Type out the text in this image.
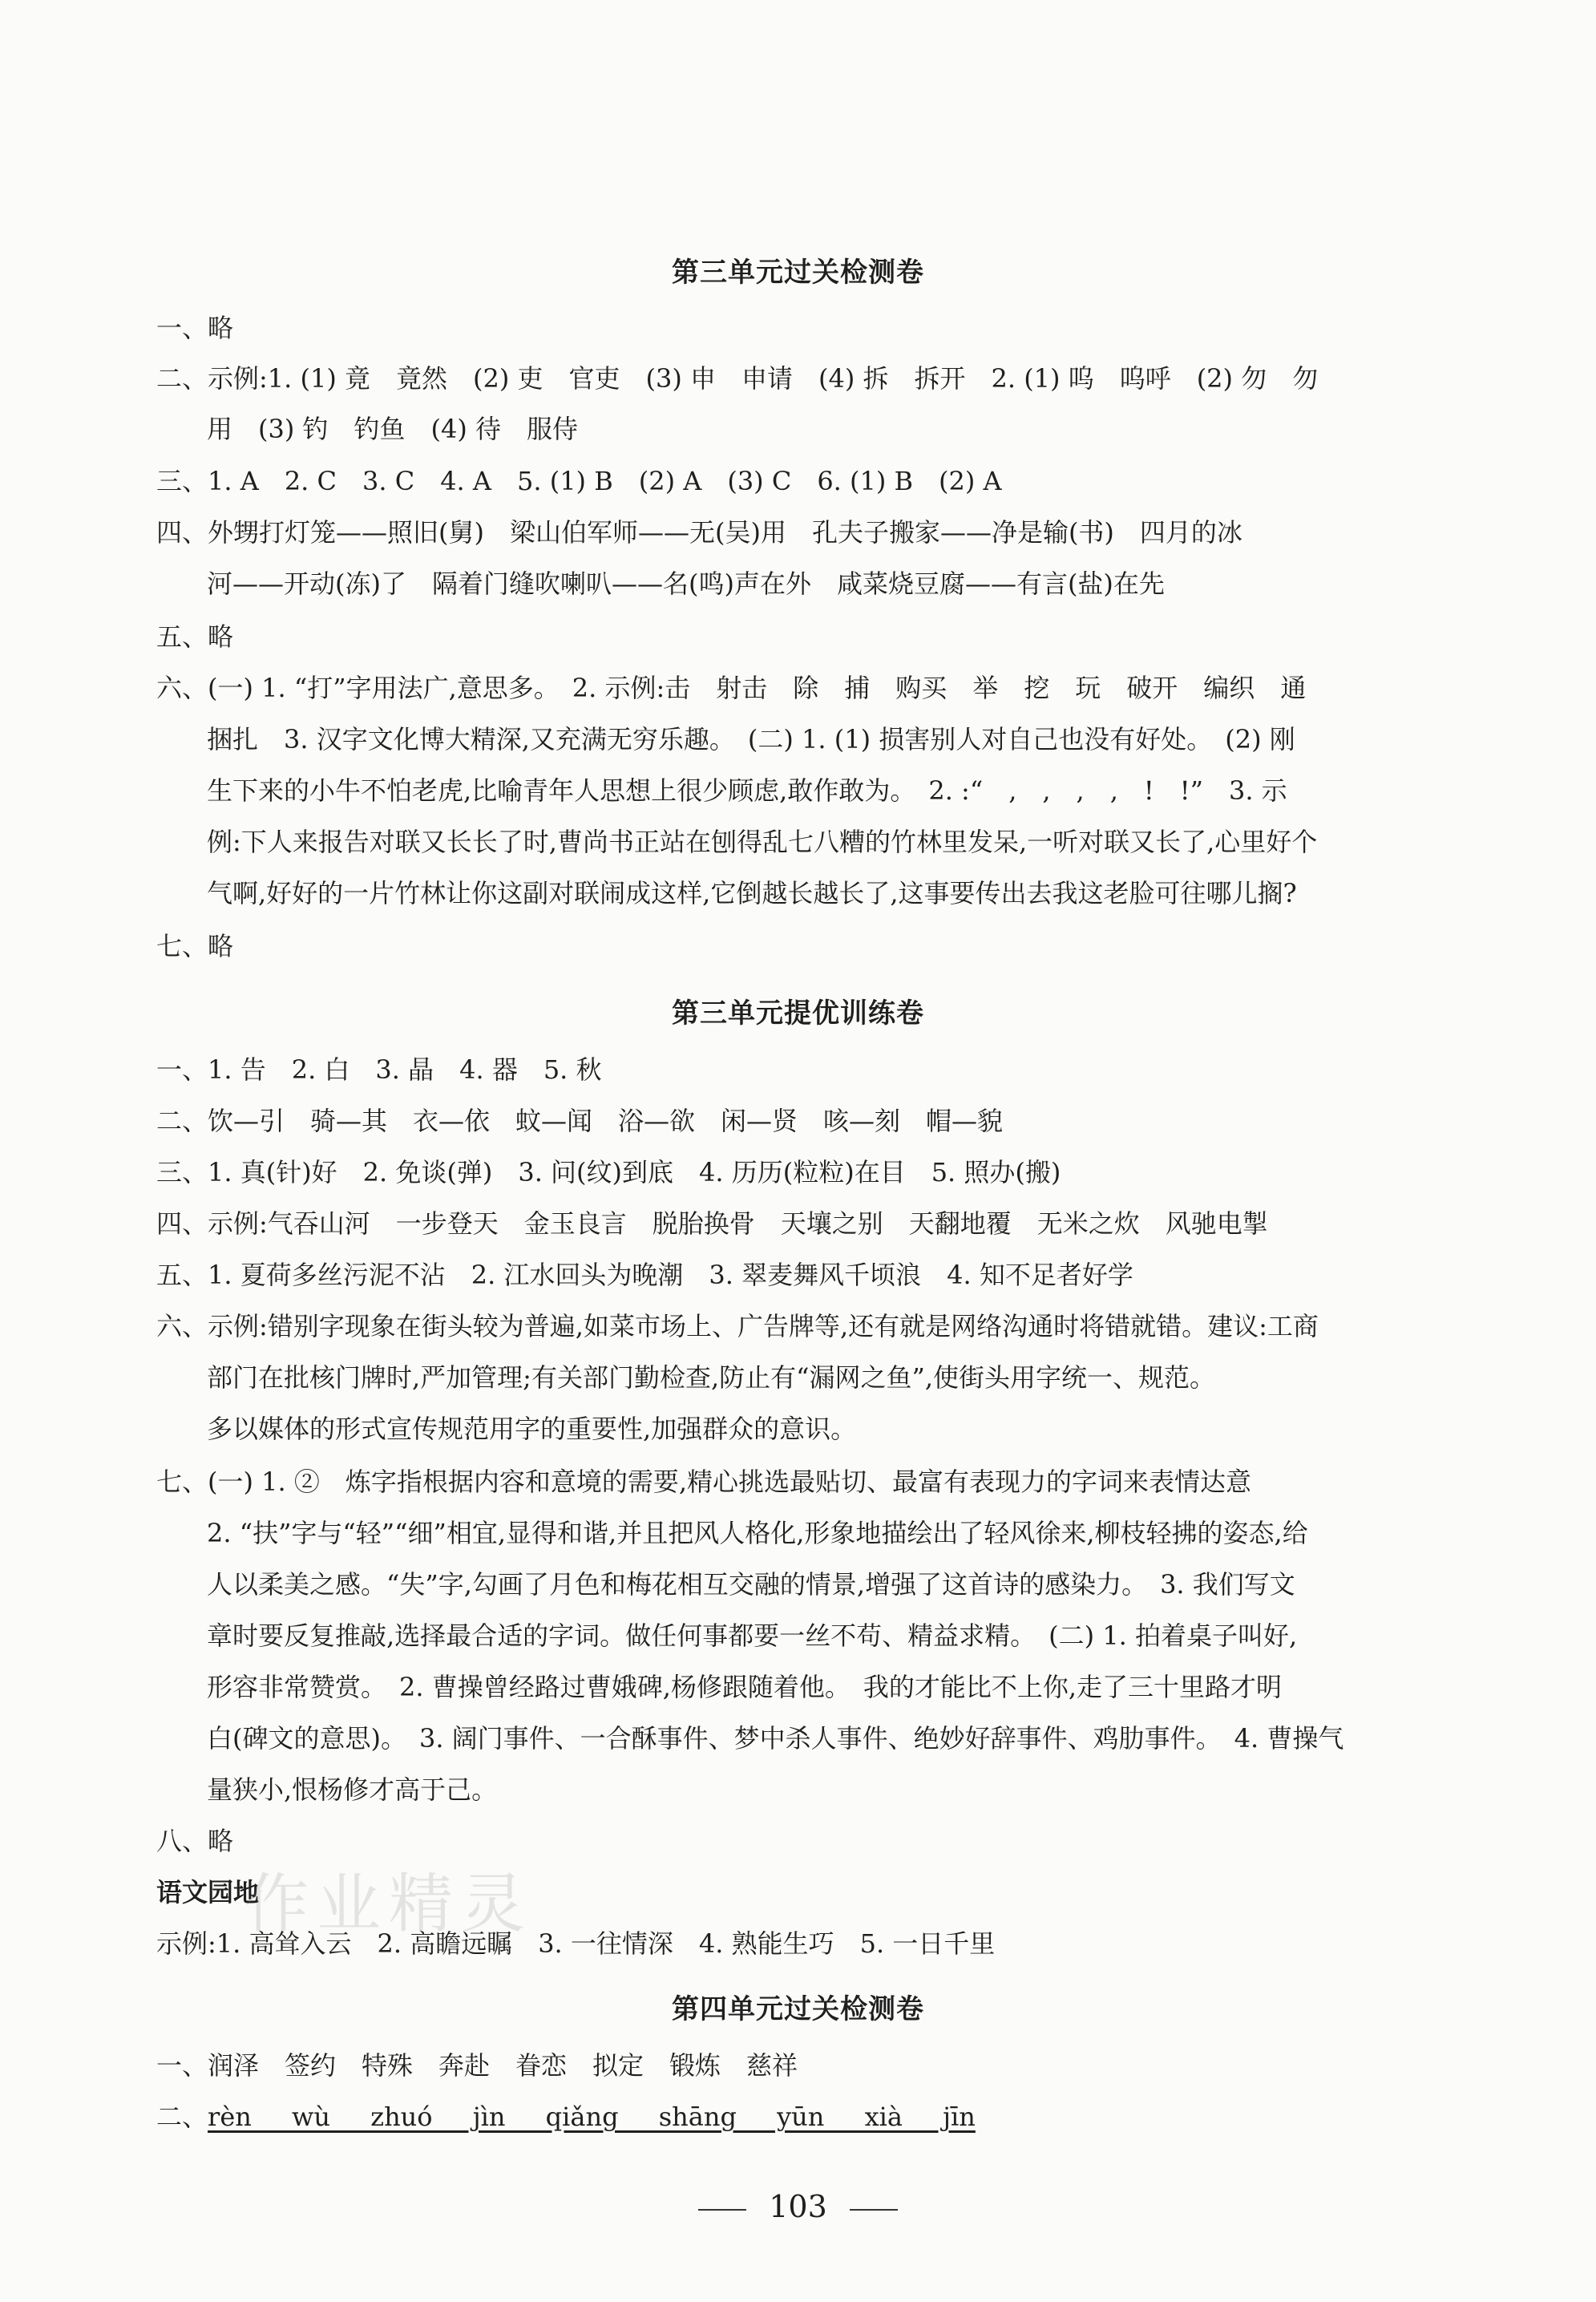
第三单元过关检测卷
一、略
二、示例:1. (1) 竟　竟然　(2) 吏　官吏　(3) 申　申请　(4) 拆　拆开　2. (1) 呜　呜呼　(2) 勿　勿
用　(3) 钓　钓鱼　(4) 待　服侍
三、1. A　2. C　3. C　4. A　5. (1) B　(2) A　(3) C　6. (1) B　(2) A
四、外甥打灯笼——照旧(舅)　梁山伯军师——无(吴)用　孔夫子搬家——净是输(书)　四月的冰
河——开动(冻)了　隔着门缝吹喇叭——名(鸣)声在外　咸菜烧豆腐——有言(盐)在先
五、略
六、(一) 1. “打”字用法广,意思多。　2. 示例:击　射击　除　捕　购买　举　挖　玩　破开　编织　通
捆扎　3. 汉字文化博大精深,又充满无穷乐趣。　(二) 1. (1) 损害别人对自己也没有好处。　(2) 刚
生下来的小牛不怕老虎,比喻青年人思想上很少顾虑,敢作敢为。　2. :“　,　,　,　,　!　!”　3. 示
例:下人来报告对联又长长了时,曹尚书正站在刨得乱七八糟的竹林里发呆,一听对联又长了,心里好个
气啊,好好的一片竹林让你这副对联闹成这样,它倒越长越长了,这事要传出去我这老脸可往哪儿搁?
七、略
第三单元提优训练卷
一、1. 告　2. 白　3. 晶　4. 器　5. 秋
二、饮—引　骑—其　衣—依　蚊—闻　浴—欲　闲—贤　咳—刻　帽—貌
三、1. 真(针)好　2. 免谈(弹)　3. 问(纹)到底　4. 历历(粒粒)在目　5. 照办(搬)
四、示例:气吞山河　一步登天　金玉良言　脱胎换骨　天壤之别　天翻地覆　无米之炊　风驰电掣
五、1. 夏荷多丝污泥不沾　2. 江水回头为晚潮　3. 翠麦舞风千顷浪　4. 知不足者好学
六、示例:错别字现象在街头较为普遍,如菜市场上、广告牌等,还有就是网络沟通时将错就错。建议:工商
部门在批核门牌时,严加管理;有关部门勤检查,防止有“漏网之鱼”,使街头用字统一、规范。
多以媒体的形式宣传规范用字的重要性,加强群众的意识。
七、(一) 1. ②　炼字指根据内容和意境的需要,精心挑选最贴切、最富有表现力的字词来表情达意
2. “扶”字与“轻”“细”相宜,显得和谐,并且把风人格化,形象地描绘出了轻风徐来,柳枝轻拂的姿态,给
人以柔美之感。“失”字,勾画了月色和梅花相互交融的情景,增强了这首诗的感染力。　3. 我们写文
章时要反复推敲,选择最合适的字词。做任何事都要一丝不苟、精益求精。　(二) 1. 拍着桌子叫好,
形容非常赞赏。　2. 曹操曾经路过曹娥碑,杨修跟随着他。　我的才能比不上你,走了三十里路才明
白(碑文的意思)。　3. 阔门事件、一合酥事件、梦中杀人事件、绝妙好辞事件、鸡肋事件。　4. 曹操气
量狭小,恨杨修才高于己。
八、略
语文园地
示例:1. 高耸入云　2. 高瞻远瞩　3. 一往情深　4. 熟能生巧　5. 一日千里
作业精灵
第四单元过关检测卷
一、润泽　签约　特殊　奔赴　眷恋　拟定　锻炼　慈祥
二、rèn wù zhuó jìn qiǎng shāng yūn xià jīn
103
